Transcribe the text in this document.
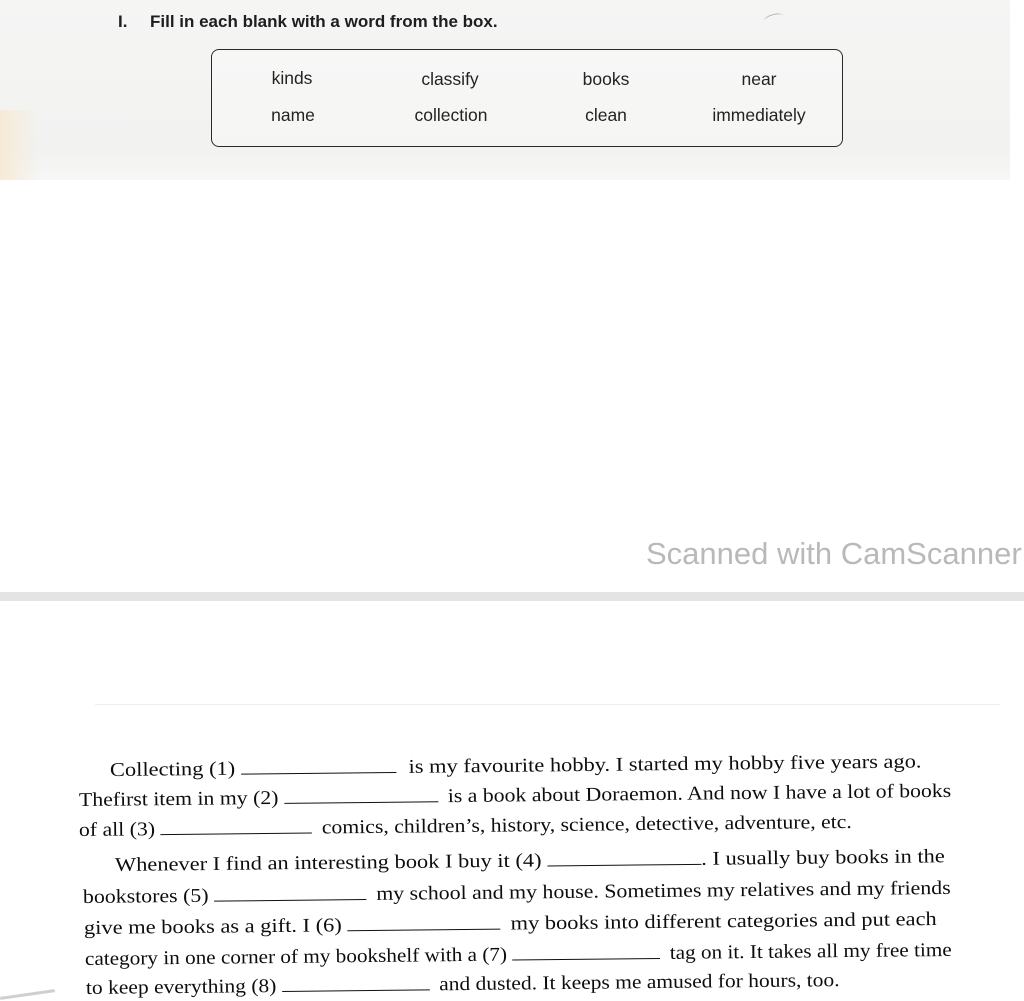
I. Fill in each blank with a word from the box.
kinds	classify	books	near
name	collection	clean	immediately
Scanned with CamScanner
Collecting (1)	is my favourite hobby. I started my hobby five years ago.
Thefirst item in my (2)	is a book about Doraemon. And now I have a lot of books
of all (3)	comics, children’s, history, science, detective, adventure, etc.
Whenever I find an interesting book I buy it (4)	. I usually buy books in the
bookstores (5)	my school and my house. Sometimes my relatives and my friends
give me books as a gift. I (6)	my books into different categories and put each
category in one corner of my bookshelf with a (7)	tag on it. It takes all my free time
to keep everything (8)	and dusted. It keeps me amused for hours, too.
